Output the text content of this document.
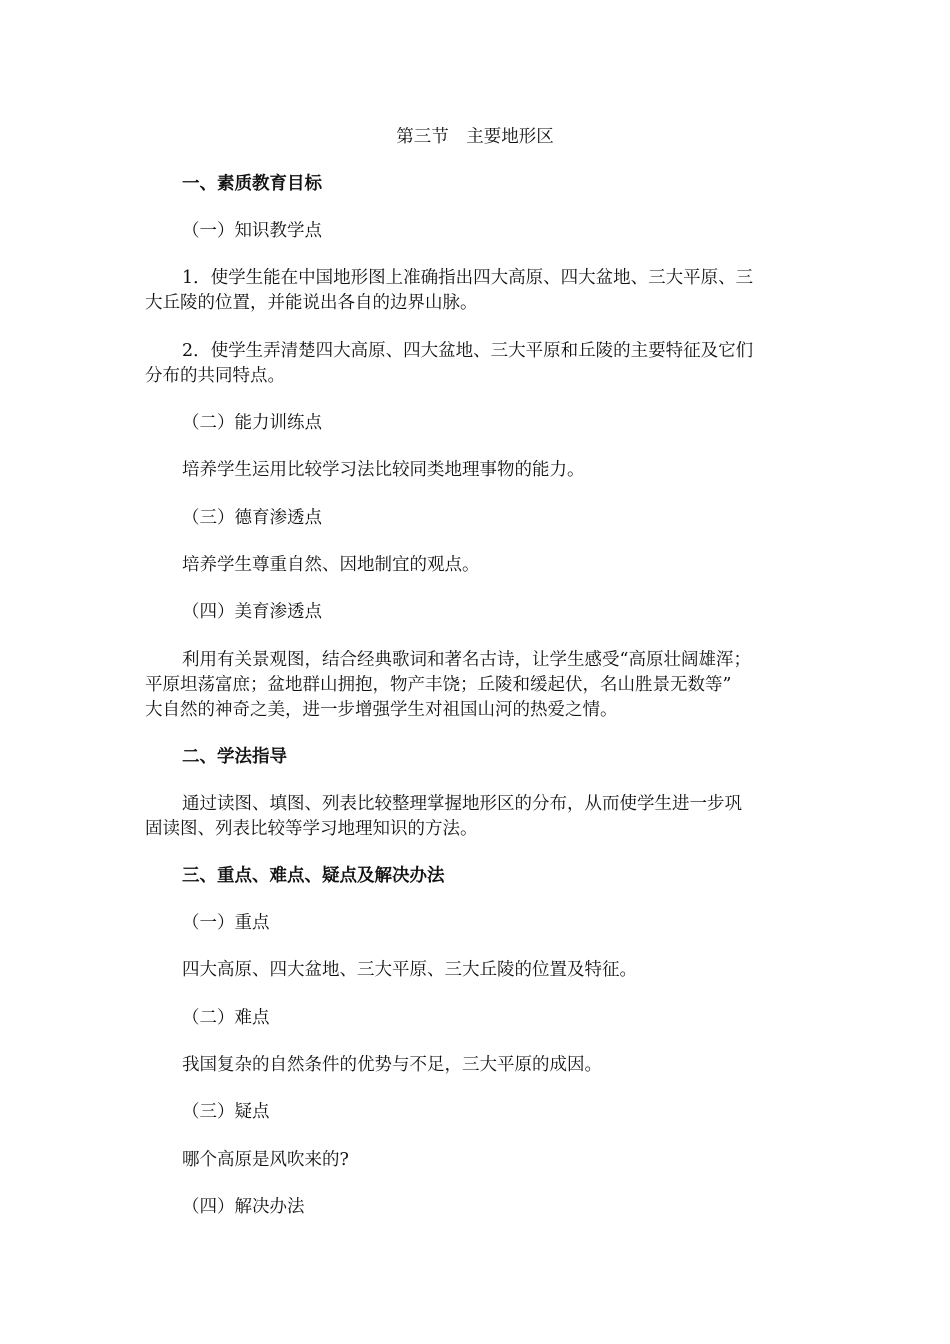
第三节　主要地形区
一、素质教育目标
（一）知识教学点
1．使学生能在中国地形图上准确指出四大高原、四大盆地、三大平原、三
大丘陵的位置，并能说出各自的边界山脉。
2．使学生弄清楚四大高原、四大盆地、三大平原和丘陵的主要特征及它们
分布的共同特点。
（二）能力训练点
培养学生运用比较学习法比较同类地理事物的能力。
（三）德育渗透点
培养学生尊重自然、因地制宜的观点。
（四）美育渗透点
利用有关景观图，结合经典歌词和著名古诗，让学生感受“高原壮阔雄浑；
平原坦荡富庶；盆地群山拥抱，物产丰饶；丘陵和缓起伏，名山胜景无数等”
大自然的神奇之美，进一步增强学生对祖国山河的热爱之情。
二、学法指导
通过读图、填图、列表比较整理掌握地形区的分布，从而使学生进一步巩
固读图、列表比较等学习地理知识的方法。
三、重点、难点、疑点及解决办法
（一）重点
四大高原、四大盆地、三大平原、三大丘陵的位置及特征。
（二）难点
我国复杂的自然条件的优势与不足，三大平原的成因。
（三）疑点
哪个高原是风吹来的?
（四）解决办法
